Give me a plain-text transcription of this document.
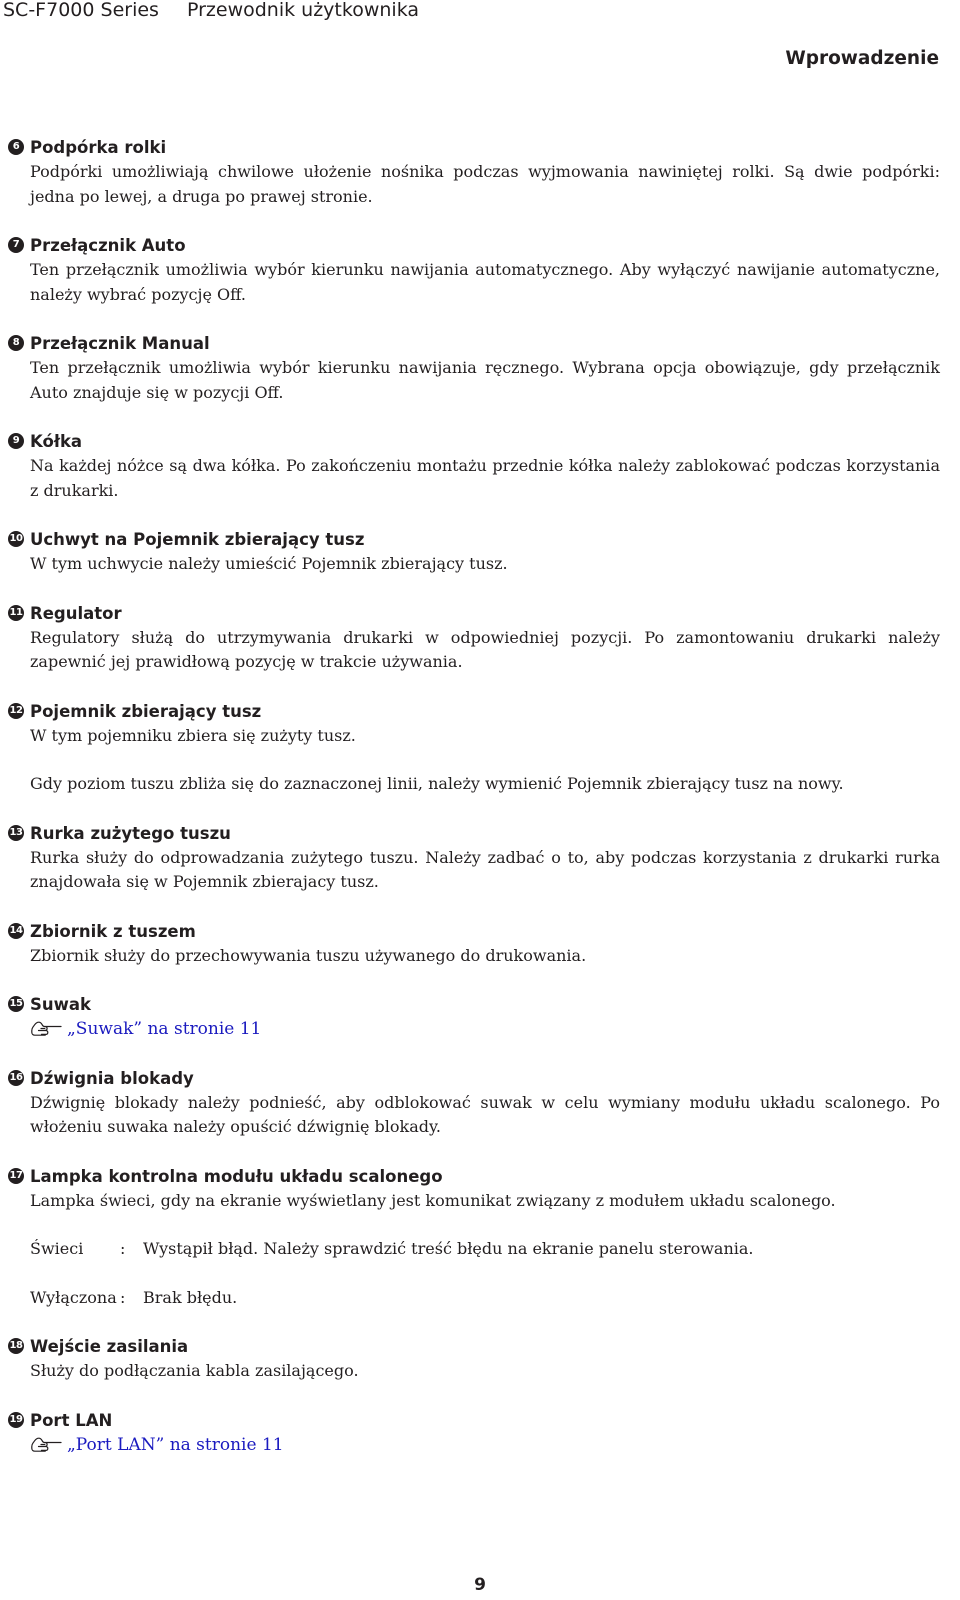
SC-F7000 Series Przewodnik użytkownika
Wprowadzenie
6 Podpórka rolki
Podpórki umożliwiają chwilowe ułożenie nośnika podczas wyjmowania nawiniętej rolki. Są dwie podpórki: jedna po lewej, a druga po prawej stronie.
7 Przełącznik Auto
Ten przełącznik umożliwia wybór kierunku nawijania automatycznego. Aby wyłączyć nawijanie automatyczne, należy wybrać pozycję Off.
8 Przełącznik Manual
Ten przełącznik umożliwia wybór kierunku nawijania ręcznego. Wybrana opcja obowiązuje, gdy przełącznik Auto znajduje się w pozycji Off.
9 Kółka
Na każdej nóżce są dwa kółka. Po zakończeniu montażu przednie kółka należy zablokować podczas korzystania z drukarki.
10 Uchwyt na Pojemnik zbierający tusz
W tym uchwycie należy umieścić Pojemnik zbierający tusz.
11 Regulator
Regulatory służą do utrzymywania drukarki w odpowiedniej pozycji. Po zamontowaniu drukarki należy zapewnić jej prawidłową pozycję w trakcie używania.
12 Pojemnik zbierający tusz
W tym pojemniku zbiera się zużyty tusz.
Gdy poziom tuszu zbliża się do zaznaczonej linii, należy wymienić Pojemnik zbierający tusz na nowy.
13 Rurka zużytego tuszu
Rurka służy do odprowadzania zużytego tuszu. Należy zadbać o to, aby podczas korzystania z drukarki rurka znajdowała się w Pojemnik zbierajacy tusz.
14 Zbiornik z tuszem
Zbiornik służy do przechowywania tuszu używanego do drukowania.
15 Suwak
„Suwak” na stronie 11
16 Dźwignia blokady
Dźwignię blokady należy podnieść, aby odblokować suwak w celu wymiany modułu układu scalonego. Po włożeniu suwaka należy opuścić dźwignię blokady.
17 Lampka kontrolna modułu układu scalonego
Lampka świeci, gdy na ekranie wyświetlany jest komunikat związany z modułem układu scalonego.
Świeci	:	Wystąpił błąd. Należy sprawdzić treść błędu na ekranie panelu sterowania.
Wyłączona :	Brak błędu.
18 Wejście zasilania
Służy do podłączania kabla zasilającego.
19 Port LAN
„Port LAN” na stronie 11
9
